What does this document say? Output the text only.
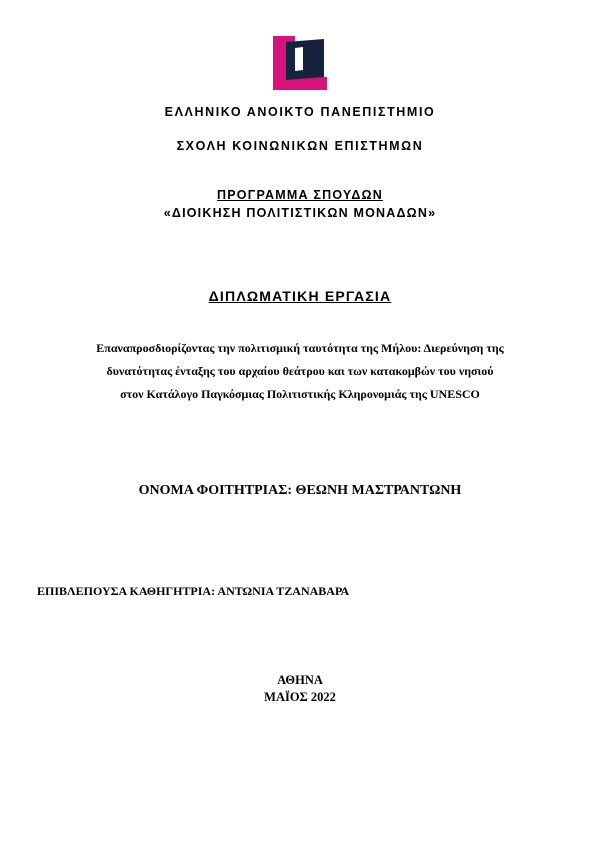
ΕΛΛΗΝΙΚΟ ΑΝΟΙΚΤΟ ΠΑΝΕΠΙΣΤΗΜΙΟ
ΣΧΟΛΗ ΚΟΙΝΩΝΙΚΩΝ ΕΠΙΣΤΗΜΩΝ
ΠΡΟΓΡΑΜΜΑ ΣΠΟΥΔΩΝ
«ΔΙΟΙΚΗΣΗ ΠΟΛΙΤΙΣΤΙΚΩΝ ΜΟΝΑΔΩΝ»
ΔΙΠΛΩΜΑΤΙΚΗ ΕΡΓΑΣΙΑ
Επαναπροσδιορίζοντας την πολιτισμική ταυτότητα της Μήλου: Διερεύνηση της
δυνατότητας ένταξης του αρχαίου θεάτρου και των κατακομβών του νησιού
στον Κατάλογο Παγκόσμιας Πολιτιστικής Κληρονομιάς της UNESCO
ΟΝΟΜΑ ΦΟΙΤΗΤΡΙΑΣ: ΘΕΩΝΗ ΜΑΣΤΡΑΝΤΩΝΗ
ΕΠΙΒΛΕΠΟΥΣΑ ΚΑΘΗΓΗΤΡΙΑ: ΑΝΤΩΝΙΑ ΤΖΑΝΑΒΑΡΑ
ΑΘΗΝΑ
ΜΑΪΟΣ 2022
